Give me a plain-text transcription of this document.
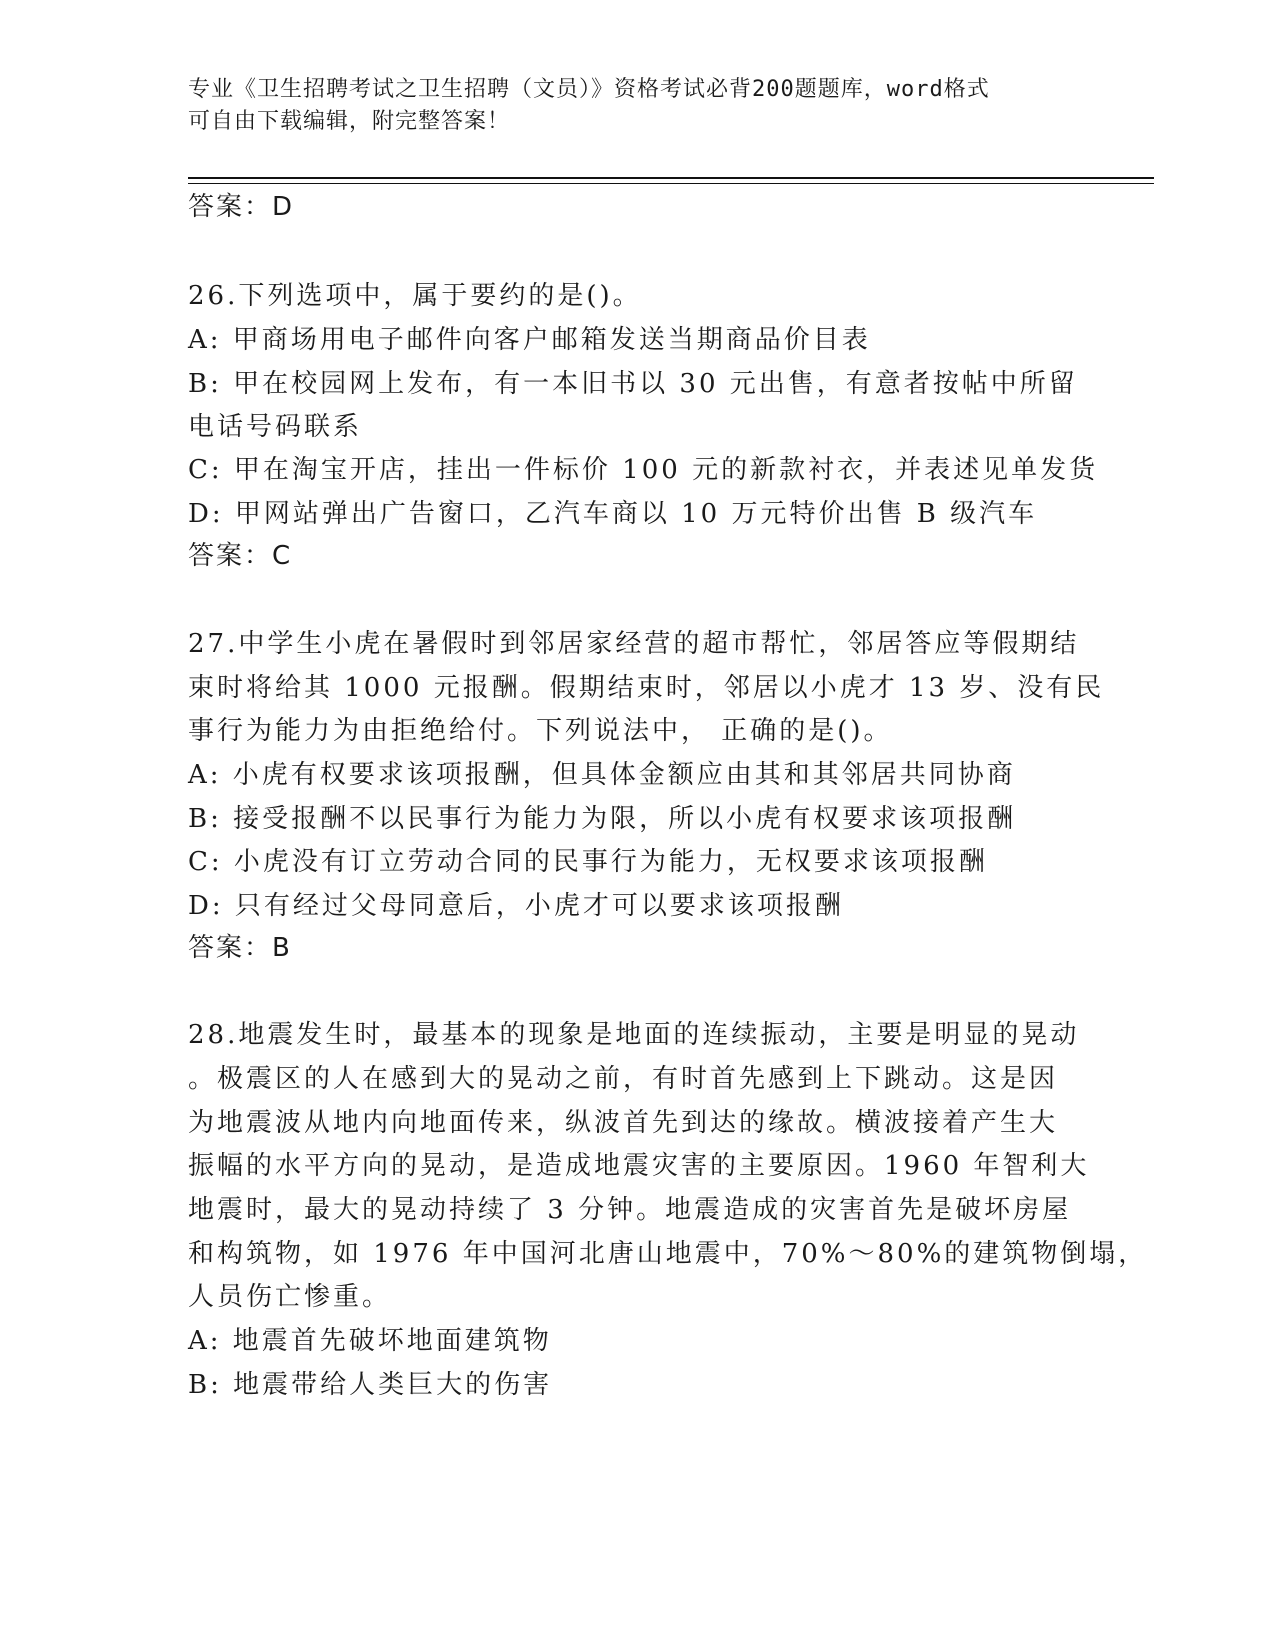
专业《卫生招聘考试之卫生招聘（文员）》资格考试必背200题题库，word格式
可自由下载编辑，附完整答案！
答案：D
26.下列选项中，属于要约的是()。
A: 甲商场用电子邮件向客户邮箱发送当期商品价目表
B: 甲在校园网上发布，有一本旧书以 30 元出售，有意者按帖中所留
电话号码联系
C: 甲在淘宝开店，挂出一件标价 100 元的新款衬衣，并表述见单发货
D: 甲网站弹出广告窗口，乙汽车商以 10 万元特价出售 B 级汽车
答案：C
27.中学生小虎在暑假时到邻居家经营的超市帮忙，邻居答应等假期结
束时将给其 1000 元报酬。假期结束时，邻居以小虎才 13 岁、没有民
事行为能力为由拒绝给付。下列说法中， 正确的是()。
A: 小虎有权要求该项报酬，但具体金额应由其和其邻居共同协商
B: 接受报酬不以民事行为能力为限，所以小虎有权要求该项报酬
C: 小虎没有订立劳动合同的民事行为能力，无权要求该项报酬
D: 只有经过父母同意后，小虎才可以要求该项报酬
答案：B
28.地震发生时，最基本的现象是地面的连续振动，主要是明显的晃动
。极震区的人在感到大的晃动之前，有时首先感到上下跳动。这是因
为地震波从地内向地面传来，纵波首先到达的缘故。横波接着产生大
振幅的水平方向的晃动，是造成地震灾害的主要原因。1960 年智利大
地震时，最大的晃动持续了 3 分钟。地震造成的灾害首先是破坏房屋
和构筑物，如 1976 年中国河北唐山地震中，70%～80%的建筑物倒塌，
人员伤亡惨重。
A: 地震首先破坏地面建筑物
B: 地震带给人类巨大的伤害
